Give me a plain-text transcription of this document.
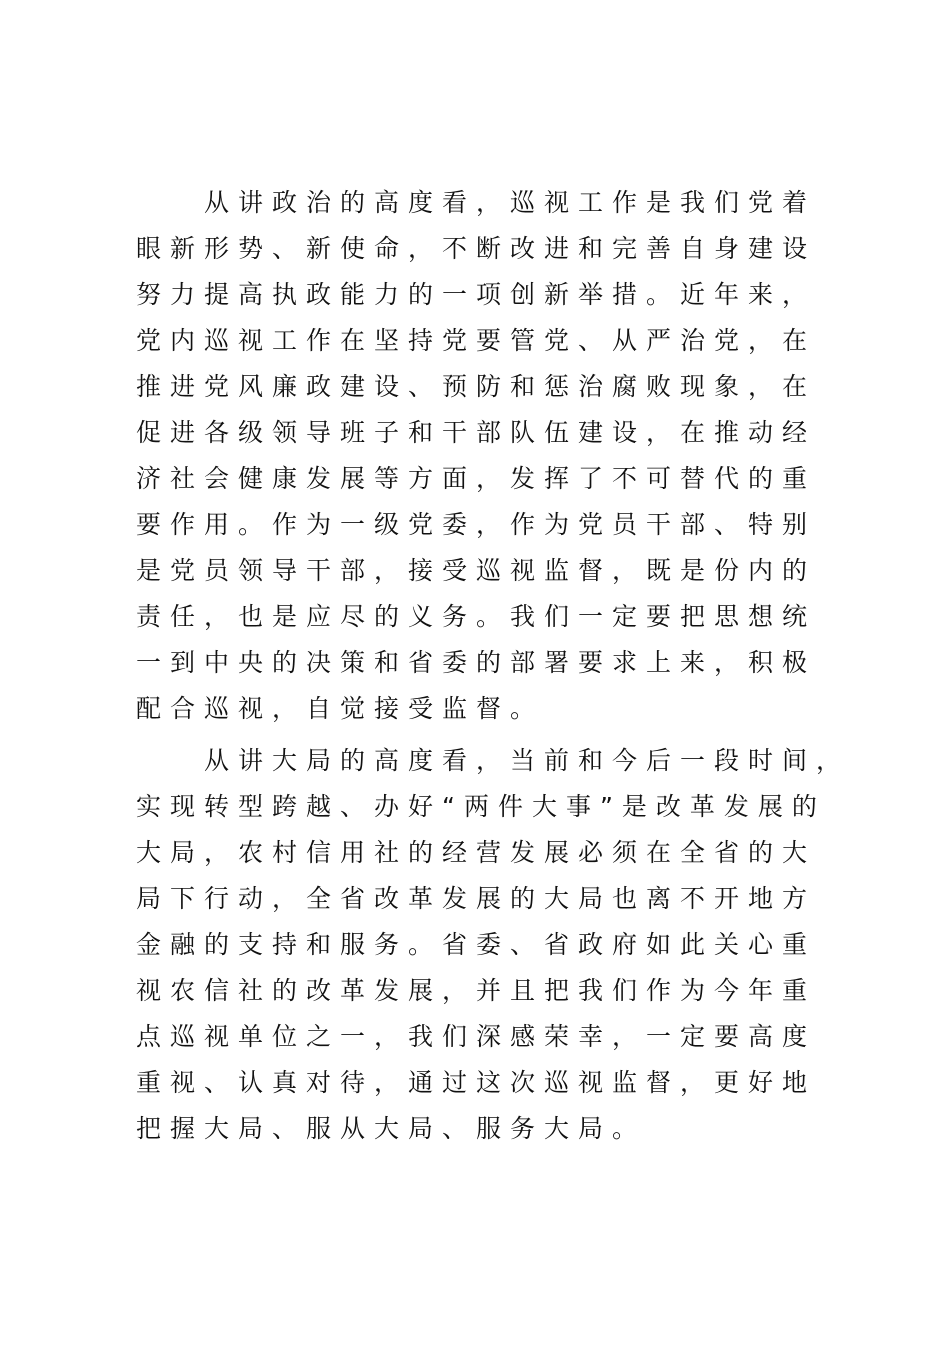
从讲政治的高度看，巡视工作是我们党着
眼新形势、新使命，不断改进和完善自身建设
努力提高执政能力的一项创新举措。近年来，
党内巡视工作在坚持党要管党、从严治党，在
推进党风廉政建设、预防和惩治腐败现象，在
促进各级领导班子和干部队伍建设，在推动经
济社会健康发展等方面，发挥了不可替代的重
要作用。作为一级党委，作为党员干部、特别
是党员领导干部，接受巡视监督，既是份内的
责任，也是应尽的义务。我们一定要把思想统
一到中央的决策和省委的部署要求上来，积极
配合巡视，自觉接受监督。
从讲大局的高度看，当前和今后一段时间，
实现转型跨越、办好“两件大事”是改革发展的
大局，农村信用社的经营发展必须在全省的大
局下行动，全省改革发展的大局也离不开地方
金融的支持和服务。省委、省政府如此关心重
视农信社的改革发展，并且把我们作为今年重
点巡视单位之一，我们深感荣幸，一定要高度
重视、认真对待，通过这次巡视监督，更好地
把握大局、服从大局、服务大局。
